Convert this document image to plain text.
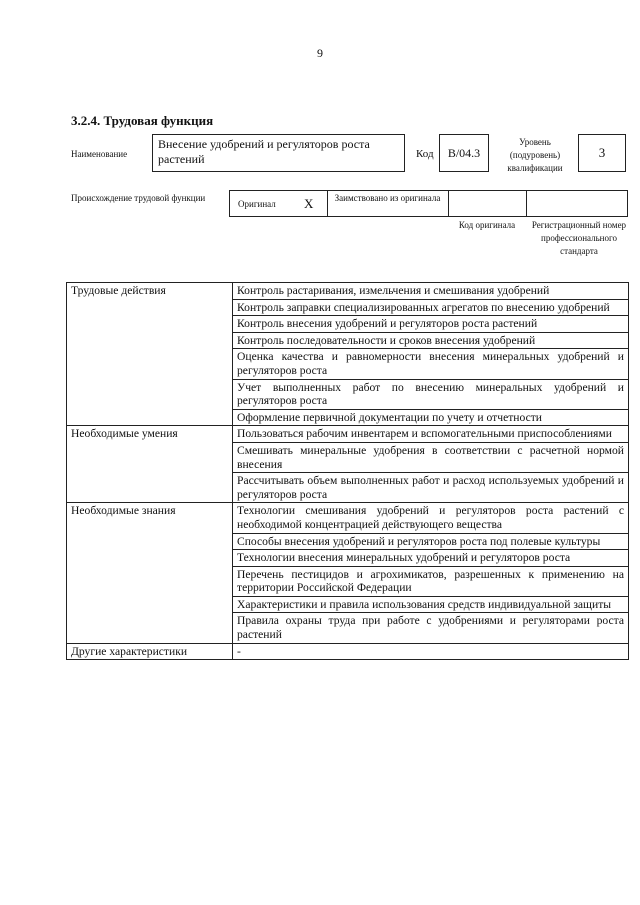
9
3.2.4. Трудовая функция
Наименование
Внесение удобрений и регуляторов роста растений	Код В/04.3
Уровень (подуровень) квалификации
3
Происхождение трудовой функции
Оригинал X	Заимствовано из оригинала
Код оригинала	Регистрационный номер профессионального стандарта
Трудовые действия	Контроль растаривания, измельчения и смешивания удобрений
	Контроль заправки специализированных агрегатов по внесению удобрений
	Контроль внесения удобрений и регуляторов роста растений
	Контроль последовательности и сроков внесения удобрений
	Оценка качества и равномерности внесения минеральных удобрений и регуляторов роста
	Учет выполненных работ по внесению минеральных удобрений и регуляторов роста
	Оформление первичной документации по учету и отчетности
Необходимые умения	Пользоваться рабочим инвентарем и вспомогательными приспособлениями
	Смешивать минеральные удобрения в соответствии с расчетной нормой внесения
	Рассчитывать объем выполненных работ и расход используемых удобрений и регуляторов роста
Необходимые знания	Технологии смешивания удобрений и регуляторов роста растений с необходимой концентрацией действующего вещества
	Способы внесения удобрений и регуляторов роста под полевые культуры
	Технологии внесения минеральных удобрений и регуляторов роста
	Перечень пестицидов и агрохимикатов, разрешенных к применению на территории Российской Федерации
	Характеристики и правила использования средств индивидуальной защиты
	Правила охраны труда при работе с удобрениями и регуляторами роста растений
Другие характеристики	-
